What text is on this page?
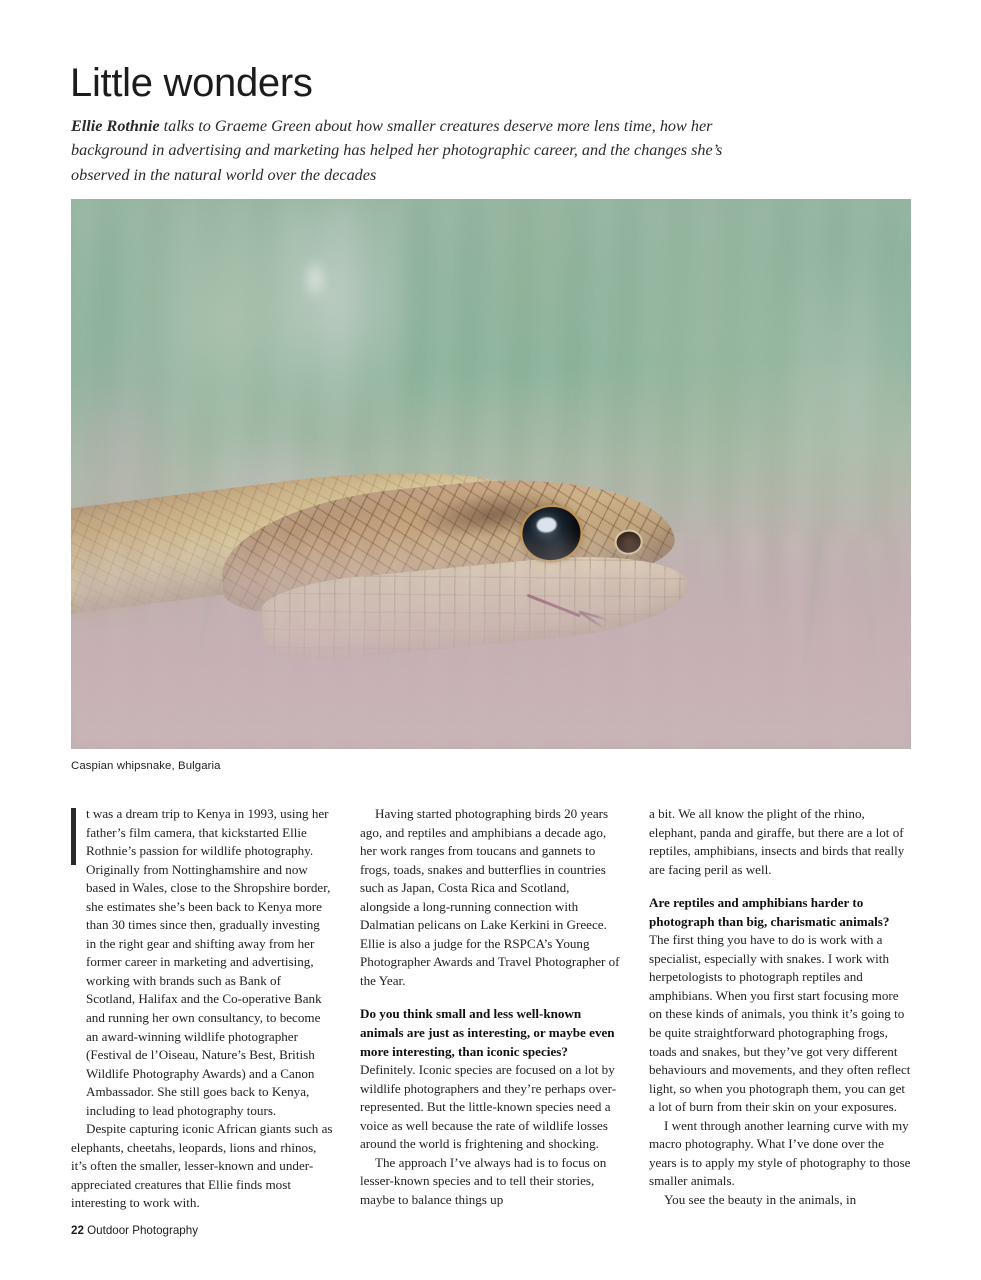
Little wonders

Ellie Rothnie talks to Graeme Green about how smaller creatures deserve more lens time, how her background in advertising and marketing has helped her photographic career, and the changes she’s observed in the natural world over the decades

Caspian whipsnake, Bulgaria

t was a dream trip to Kenya in 1993, using her father’s film camera, that kickstarted Ellie Rothnie’s passion for wildlife photography. Originally from Nottinghamshire and now based in Wales, close to the Shropshire border, she estimates she’s been back to Kenya more than 30 times since then, gradually investing in the right gear and shifting away from her former career in marketing and advertising, working with brands such as Bank of Scotland, Halifax and the Co-operative Bank and running her own consultancy, to become an award-winning wildlife photographer (Festival de l’Oiseau, Nature’s Best, British Wildlife Photography Awards) and a Canon Ambassador. She still goes back to Kenya, including to lead photography tours.

Despite capturing iconic African giants such as elephants, cheetahs, leopards, lions and rhinos, it’s often the smaller, lesser-known and under-appreciated creatures that Ellie finds most interesting to work with.

Having started photographing birds 20 years ago, and reptiles and amphibians a decade ago, her work ranges from toucans and gannets to frogs, toads, snakes and butterflies in countries such as Japan, Costa Rica and Scotland, alongside a long-running connection with Dalmatian pelicans on Lake Kerkini in Greece. Ellie is also a judge for the RSPCA’s Young Photographer Awards and Travel Photographer of the Year.

Do you think small and less well-known animals are just as interesting, or maybe even more interesting, than iconic species?

Definitely. Iconic species are focused on a lot by wildlife photographers and they’re perhaps over-represented. But the little-known species need a voice as well because the rate of wildlife losses around the world is frightening and shocking.

The approach I’ve always had is to focus on lesser-known species and to tell their stories, maybe to balance things up

a bit. We all know the plight of the rhino, elephant, panda and giraffe, but there are a lot of reptiles, amphibians, insects and birds that really are facing peril as well.

Are reptiles and amphibians harder to photograph than big, charismatic animals?

The first thing you have to do is work with a specialist, especially with snakes. I work with herpetologists to photograph reptiles and amphibians. When you first start focusing more on these kinds of animals, you think it’s going to be quite straightforward photographing frogs, toads and snakes, but they’ve got very different behaviours and movements, and they often reflect light, so when you photograph them, you can get a lot of burn from their skin on your exposures.

I went through another learning curve with my macro photography. What I’ve done over the years is to apply my style of photography to those smaller animals.

You see the beauty in the animals, in

22 Outdoor Photography
